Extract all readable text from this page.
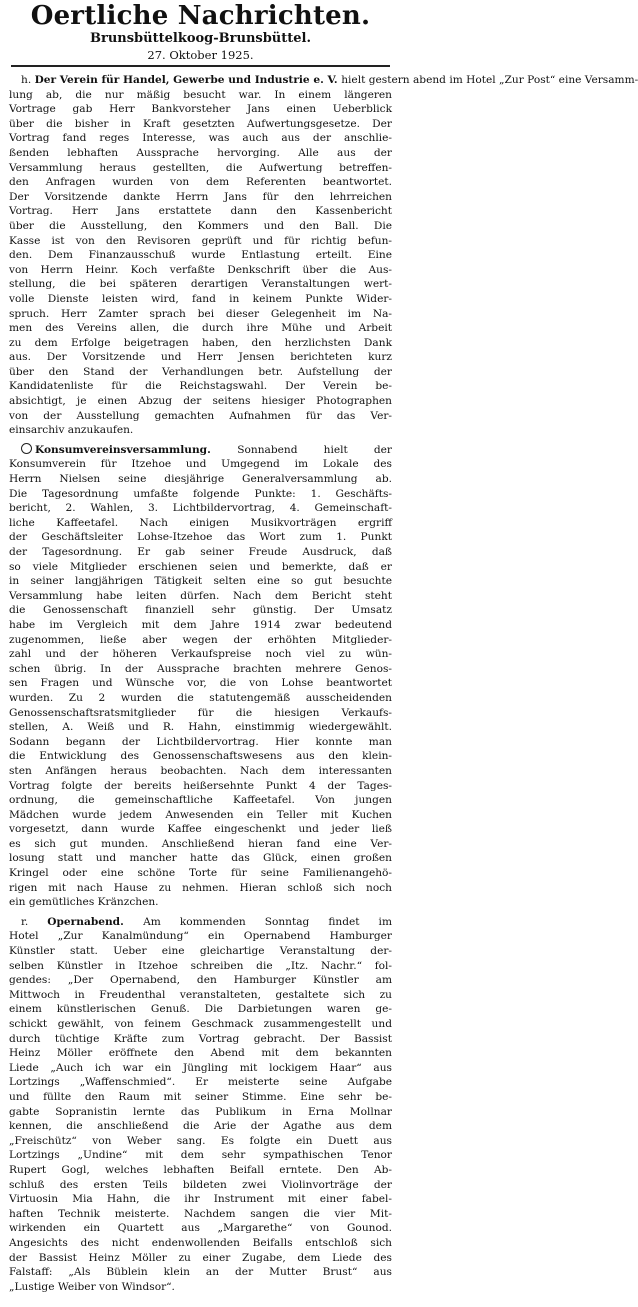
Oertliche Nachrichten.
Brunsbüttelkoog-Brunsbüttel.
27. Oktober 1925.
h. Der Verein für Handel, Gewerbe und Industrie e. V. hielt gestern abend im Hotel „Zur Post“ eine Versamm-
lung ab, die nur mäßig besucht war. In einem längeren
Vortrage gab Herr Bankvorsteher Jans einen Ueberblick
über die bisher in Kraft gesetzten Aufwertungsgesetze. Der
Vortrag fand reges Interesse, was auch aus der anschlie-
ßenden lebhaften Aussprache hervorging. Alle aus der
Versammlung heraus gestellten, die Aufwertung betreffen-
den Anfragen wurden von dem Referenten beantwortet.
Der Vorsitzende dankte Herrn Jans für den lehrreichen
Vortrag. Herr Jans erstattete dann den Kassenbericht
über die Ausstellung, den Kommers und den Ball. Die
Kasse ist von den Revisoren geprüft und für richtig befun-
den. Dem Finanzausschuß wurde Entlastung erteilt. Eine
von Herrn Heinr. Koch verfaßte Denkschrift über die Aus-
stellung, die bei späteren derartigen Veranstaltungen wert-
volle Dienste leisten wird, fand in keinem Punkte Wider-
spruch. Herr Zamter sprach bei dieser Gelegenheit im Na-
men des Vereins allen, die durch ihre Mühe und Arbeit
zu dem Erfolge beigetragen haben, den herzlichsten Dank
aus. Der Vorsitzende und Herr Jensen berichteten kurz
über den Stand der Verhandlungen betr. Aufstellung der
Kandidatenliste für die Reichstagswahl. Der Verein be-
absichtigt, je einen Abzug der seitens hiesiger Photographen
von der Ausstellung gemachten Aufnahmen für das Ver-
einsarchiv anzukaufen.
Konsumvereinsversammlung. Sonnabend hielt der
Konsumverein für Itzehoe und Umgegend im Lokale des
Herrn Nielsen seine diesjährige Generalversammlung ab.
Die Tagesordnung umfaßte folgende Punkte: 1. Geschäfts-
bericht, 2. Wahlen, 3. Lichtbildervortrag, 4. Gemeinschaft-
liche Kaffeetafel. Nach einigen Musikvorträgen ergriff
der Geschäftsleiter Lohse-Itzehoe das Wort zum 1. Punkt
der Tagesordnung. Er gab seiner Freude Ausdruck, daß
so viele Mitglieder erschienen seien und bemerkte, daß er
in seiner langjährigen Tätigkeit selten eine so gut besuchte
Versammlung habe leiten dürfen. Nach dem Bericht steht
die Genossenschaft finanziell sehr günstig. Der Umsatz
habe im Vergleich mit dem Jahre 1914 zwar bedeutend
zugenommen, ließe aber wegen der erhöhten Mitglieder-
zahl und der höheren Verkaufspreise noch viel zu wün-
schen übrig. In der Aussprache brachten mehrere Genos-
sen Fragen und Wünsche vor, die von Lohse beantwortet
wurden. Zu 2 wurden die statutengemäß ausscheidenden
Genossenschaftsratsmitglieder für die hiesigen Verkaufs-
stellen, A. Weiß und R. Hahn, einstimmig wiedergewählt.
Sodann begann der Lichtbildervortrag. Hier konnte man
die Entwicklung des Genossenschaftswesens aus den klein-
sten Anfängen heraus beobachten. Nach dem interessanten
Vortrag folgte der bereits heißersehnte Punkt 4 der Tages-
ordnung, die gemeinschaftliche Kaffeetafel. Von jungen
Mädchen wurde jedem Anwesenden ein Teller mit Kuchen
vorgesetzt, dann wurde Kaffee eingeschenkt und jeder ließ
es sich gut munden. Anschließend hieran fand eine Ver-
losung statt und mancher hatte das Glück, einen großen
Kringel oder eine schöne Torte für seine Familienangehö-
rigen mit nach Hause zu nehmen. Hieran schloß sich noch
ein gemütliches Kränzchen.
r. Opernabend. Am kommenden Sonntag findet im
Hotel „Zur Kanalmündung“ ein Opernabend Hamburger
Künstler statt. Ueber eine gleichartige Veranstaltung der-
selben Künstler in Itzehoe schreiben die „Itz. Nachr.“ fol-
gendes: „Der Opernabend, den Hamburger Künstler am
Mittwoch in Freudenthal veranstalteten, gestaltete sich zu
einem künstlerischen Genuß. Die Darbietungen waren ge-
schickt gewählt, von feinem Geschmack zusammengestellt und
durch tüchtige Kräfte zum Vortrag gebracht. Der Bassist
Heinz Möller eröffnete den Abend mit dem bekannten
Liede „Auch ich war ein Jüngling mit lockigem Haar“ aus
Lortzings „Waffenschmied“. Er meisterte seine Aufgabe
und füllte den Raum mit seiner Stimme. Eine sehr be-
gabte Sopranistin lernte das Publikum in Erna Mollnar
kennen, die anschließend die Arie der Agathe aus dem
„Freischütz“ von Weber sang. Es folgte ein Duett aus
Lortzings „Undine“ mit dem sehr sympathischen Tenor
Rupert Gogl, welches lebhaften Beifall erntete. Den Ab-
schluß des ersten Teils bildeten zwei Violinvorträge der
Virtuosin Mia Hahn, die ihr Instrument mit einer fabel-
haften Technik meisterte. Nachdem sangen die vier Mit-
wirkenden ein Quartett aus „Margarethe“ von Gounod.
Angesichts des nicht endenwollenden Beifalls entschloß sich
der Bassist Heinz Möller zu einer Zugabe, dem Liede des
Falstaff: „Als Büblein klein an der Mutter Brust“ aus
„Lustige Weiber von Windsor“.
